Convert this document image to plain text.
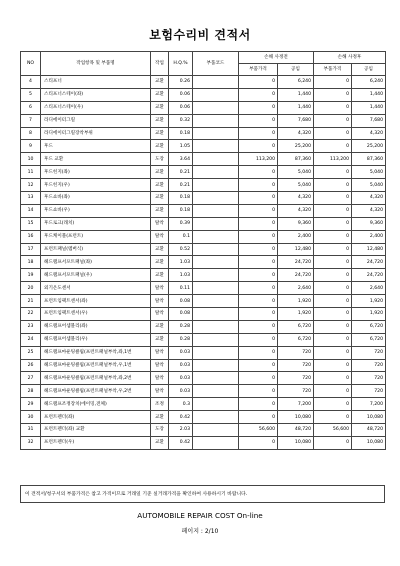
보험수리비 견적서
NO	작업항목 및 부품명	작업	H.Q.%	부품코드	손해 사정전		손해 사정후	
					부품가격	공임	부품가격	공임
4	스티프너	교환	0.26		0	6,240	0	6,240
5	스티프너스테이(좌)	교환	0.06		0	1,440	0	1,440
6	스티프너스테이(우)	교환	0.06		0	1,440	0	1,440
7	라디에이터그릴	교환	0.32		0	7,680	0	7,680
8	라디에이터그릴장착부위	교환	0.18		0	4,320	0	4,320
9	후드	교환	1.05		0	25,200	0	25,200
10	후드 교환	도장	3.64		113,200	87,360	113,200	87,360
11	후드힌지(좌)	교환	0.21		0	5,040	0	5,040
12	후드힌지(우)	교환	0.21		0	5,040	0	5,040
13	후드쇼바(좌)	교환	0.18		0	4,320	0	4,320
14	후드쇼바(우)	교환	0.18		0	4,320	0	4,320
15	후드로크(래치)	탈착	0.39		0	9,360	0	9,360
16	후드케이블(프런트)	탈착	0.1		0	2,400	0	2,400
17	프런트패널(멤버식)	교환	0.52		0	12,480	0	12,480
18	헤드램프서포트패널(좌)	교환	1.03		0	24,720	0	24,720
19	헤드램프서포트패널(우)	교환	1.03		0	24,720	0	24,720
20	외기온도센서	탈착	0.11		0	2,640	0	2,640
21	프런트임팩트센서(좌)	탈착	0.08		0	1,920	0	1,920
22	프런트임팩트센서(우)	탈착	0.08		0	1,920	0	1,920
23	헤드램프어셈블리(좌)	교환	0.28		0	6,720	0	6,720
24	헤드램프어셈블리(우)	교환	0.28		0	6,720	0	6,720
25	헤드램프마운팅클립(프런트패널부착,좌,1번	탈착	0.03		0	720	0	720
26	헤드램프마운팅클립(프런트패널부착,우,1번	탈착	0.03		0	720	0	720
27	헤드램프마운팅클립(프런트패널부착,좌,2번	탈착	0.03		0	720	0	720
28	헤드램프마운팅클립(프런트패널부착,우,2번	탈착	0.03		0	720	0	720
29	헤드램프조정장치(에이밍,전체)	조정	0.3		0	7,200	0	7,200
30	프런트펜더(좌)	교환	0.42		0	10,080	0	10,080
31	프런트펜더(좌) 교환	도장	2.03		56,600	48,720	56,600	48,720
32	프런트펜더(우)	교환	0.42		0	10,080	0	10,080
이 견적서/청구서의 부품가격은 참고 가격이므로 거래일 기준 실거래가격을 확인하여 사용하시기 바랍니다.
AUTOMOBILE REPAIR COST On-line
페이지 : 2/10
